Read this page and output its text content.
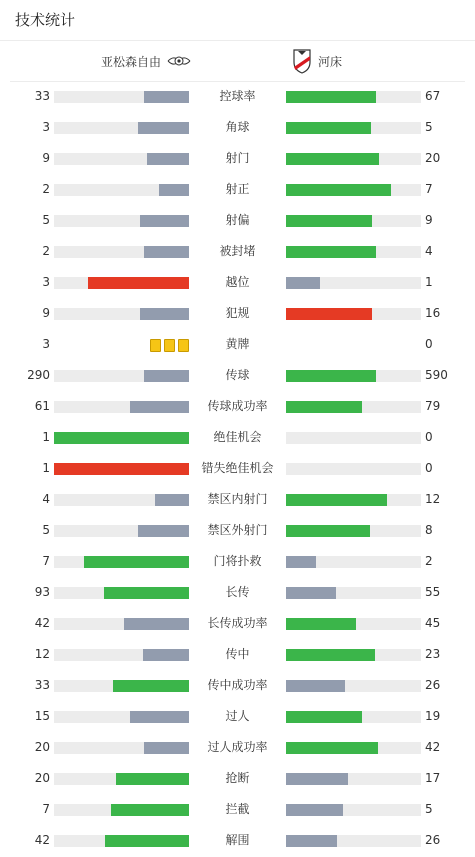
技术统计
亚松森自由	河床
33	控球率	67
3	角球	5
9	射门	20
2	射正	7
5	射偏	9
2	被封堵	4
3	越位	1
9	犯规	16
3	黄牌	0
290	传球	590
61	传球成功率	79
1	绝佳机会	0
1	错失绝佳机会	0
4	禁区内射门	12
5	禁区外射门	8
7	门将扑救	2
93	长传	55
42	长传成功率	45
12	传中	23
33	传中成功率	26
15	过人	19
20	过人成功率	42
20	抢断	17
7	拦截	5
42	解围	26
